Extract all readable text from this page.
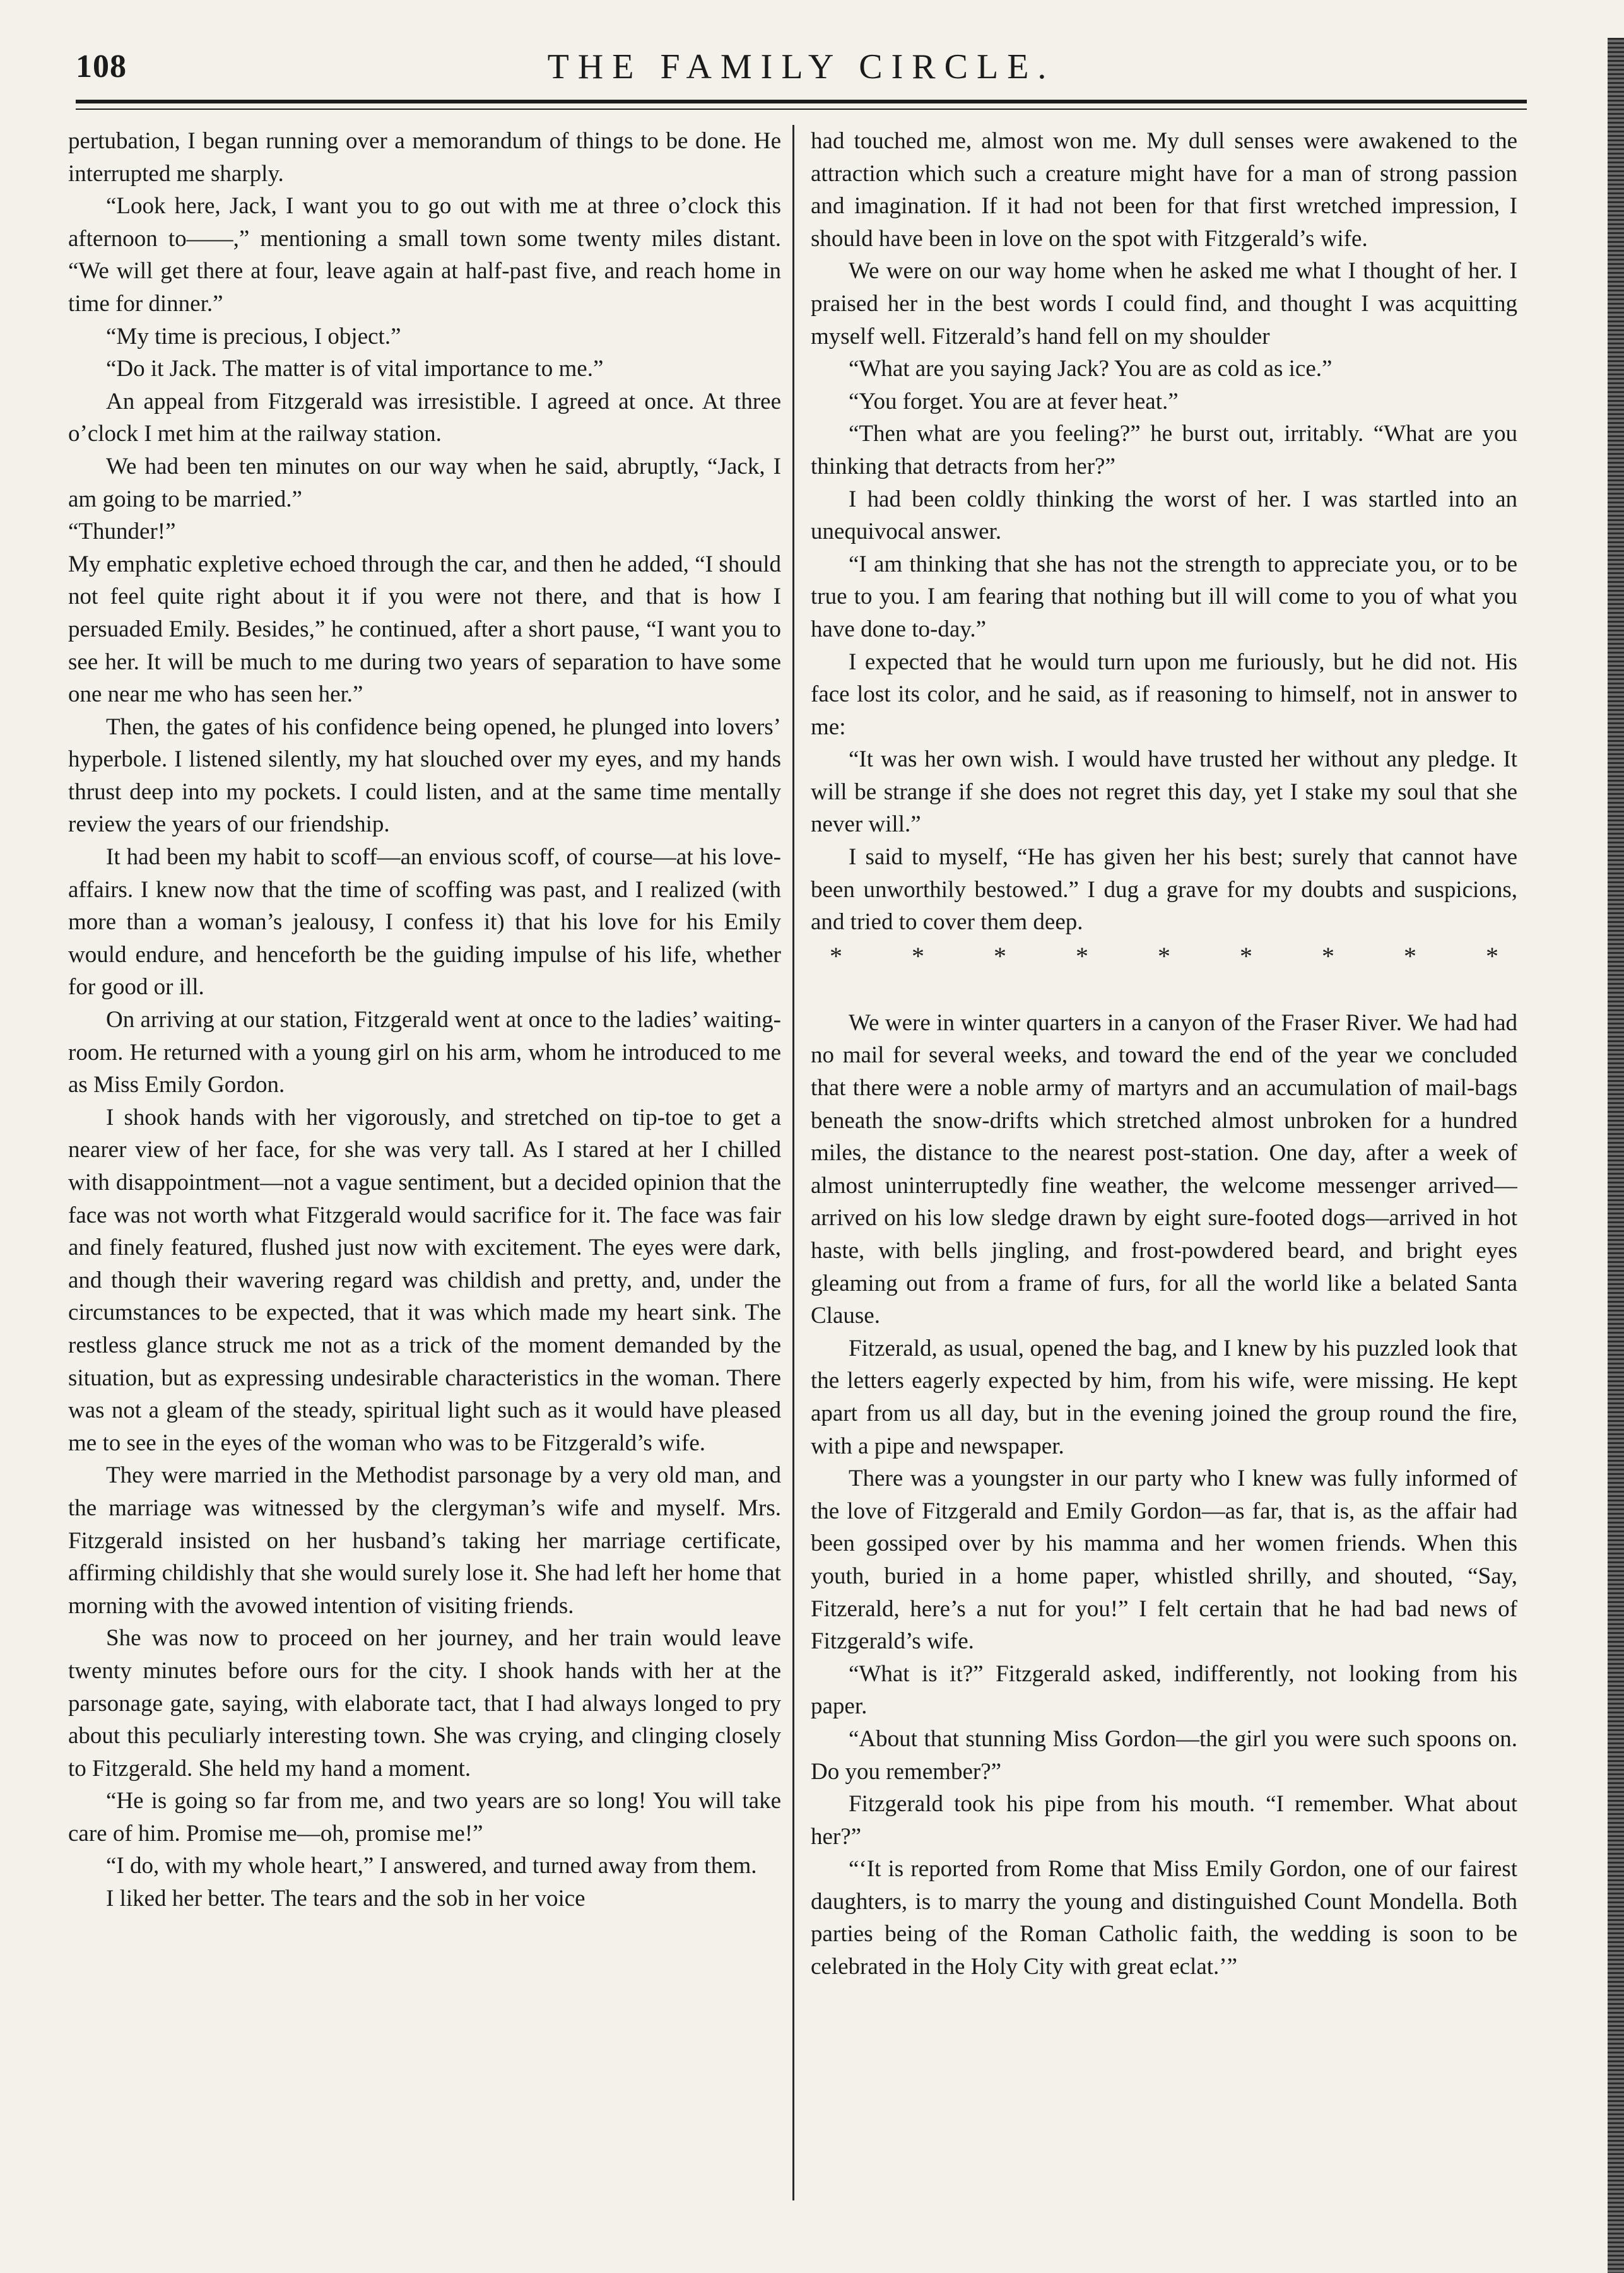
108	THE FAMILY CIRCLE.

pertubation, I began running over a memorandum of things to be done. He interrupted me sharply.

“Look here, Jack, I want you to go out with me at three o’clock this afternoon to——,” mentioning a small town some twenty miles distant. “We will get there at four, leave again at half-past five, and reach home in time for dinner.”

“My time is precious, I object.”

“Do it Jack. The matter is of vital importance to me.”

An appeal from Fitzgerald was irresistible. I agreed at once. At three o’clock I met him at the railway station.

We had been ten minutes on our way when he said, abruptly, “Jack, I am going to be married.”

“Thunder!”

My emphatic expletive echoed through the car, and then he added, “I should not feel quite right about it if you were not there, and that is how I persuaded Emily. Besides,” he continued, after a short pause, “I want you to see her. It will be much to me during two years of separation to have some one near me who has seen her.”

Then, the gates of his confidence being opened, he plunged into lovers’ hyperbole. I listened silently, my hat slouched over my eyes, and my hands thrust deep into my pockets. I could listen, and at the same time mentally review the years of our friendship.

It had been my habit to scoff—an envious scoff, of course—at his love-affairs. I knew now that the time of scoffing was past, and I realized (with more than a woman’s jealousy, I confess it) that his love for his Emily would endure, and henceforth be the guiding impulse of his life, whether for good or ill.

On arriving at our station, Fitzgerald went at once to the ladies’ waiting-room. He returned with a young girl on his arm, whom he introduced to me as Miss Emily Gordon.

I shook hands with her vigorously, and stretched on tip-toe to get a nearer view of her face, for she was very tall. As I stared at her I chilled with disappointment—not a vague sentiment, but a decided opinion that the face was not worth what Fitzgerald would sacrifice for it. The face was fair and finely featured, flushed just now with excitement. The eyes were dark, and though their wavering regard was childish and pretty, and, under the circumstances to be expected, that it was which made my heart sink. The restless glance struck me not as a trick of the moment demanded by the situation, but as expressing undesirable characteristics in the woman. There was not a gleam of the steady, spiritual light such as it would have pleased me to see in the eyes of the woman who was to be Fitzgerald’s wife.

They were married in the Methodist parsonage by a very old man, and the marriage was witnessed by the clergyman’s wife and myself. Mrs. Fitzgerald insisted on her husband’s taking her marriage certificate, affirming childishly that she would surely lose it. She had left her home that morning with the avowed intention of visiting friends.

She was now to proceed on her journey, and her train would leave twenty minutes before ours for the city. I shook hands with her at the parsonage gate, saying, with elaborate tact, that I had always longed to pry about this peculiarly interesting town. She was crying, and clinging closely to Fitzgerald. She held my hand a moment.

“He is going so far from me, and two years are so long! You will take care of him. Promise me—oh, promise me!”

“I do, with my whole heart,” I answered, and turned away from them.

I liked her better. The tears and the sob in her voice

had touched me, almost won me. My dull senses were awakened to the attraction which such a creature might have for a man of strong passion and imagination. If it had not been for that first wretched impression, I should have been in love on the spot with Fitzgerald’s wife.

We were on our way home when he asked me what I thought of her. I praised her in the best words I could find, and thought I was acquitting myself well. Fitzerald’s hand fell on my shoulder

“What are you saying Jack? You are as cold as ice.”

“You forget. You are at fever heat.”

“Then what are you feeling?” he burst out, irritably. “What are you thinking that detracts from her?”

I had been coldly thinking the worst of her. I was startled into an unequivocal answer.

“I am thinking that she has not the strength to appreciate you, or to be true to you. I am fearing that nothing but ill will come to you of what you have done to-day.”

I expected that he would turn upon me furiously, but he did not. His face lost its color, and he said, as if reasoning to himself, not in answer to me:

“It was her own wish. I would have trusted her without any pledge. It will be strange if she does not regret this day, yet I stake my soul that she never will.”

I said to myself, “He has given her his best; surely that cannot have been unworthily bestowed.” I dug a grave for my doubts and suspicions, and tried to cover them deep.

*	*	*	*	*	*	*	*	*

We were in winter quarters in a canyon of the Fraser River. We had had no mail for several weeks, and toward the end of the year we concluded that there were a noble army of martyrs and an accumulation of mail-bags beneath the snow-drifts which stretched almost unbroken for a hundred miles, the distance to the nearest post-station. One day, after a week of almost uninterruptedly fine weather, the welcome messenger arrived—arrived on his low sledge drawn by eight sure-footed dogs—arrived in hot haste, with bells jingling, and frost-powdered beard, and bright eyes gleaming out from a frame of furs, for all the world like a belated Santa Clause.

Fitzerald, as usual, opened the bag, and I knew by his puzzled look that the letters eagerly expected by him, from his wife, were missing. He kept apart from us all day, but in the evening joined the group round the fire, with a pipe and newspaper.

There was a youngster in our party who I knew was fully informed of the love of Fitzgerald and Emily Gordon—as far, that is, as the affair had been gossiped over by his mamma and her women friends. When this youth, buried in a home paper, whistled shrilly, and shouted, “Say, Fitzerald, here’s a nut for you!” I felt certain that he had bad news of Fitzgerald’s wife.

“What is it?” Fitzgerald asked, indifferently, not looking from his paper.

“About that stunning Miss Gordon—the girl you were such spoons on. Do you remember?”

Fitzgerald took his pipe from his mouth. “I remember. What about her?”

“‘It is reported from Rome that Miss Emily Gordon, one of our fairest daughters, is to marry the young and distinguished Count Mondella. Both parties being of the Roman Catholic faith, the wedding is soon to be celebrated in the Holy City with great eclat.’”
